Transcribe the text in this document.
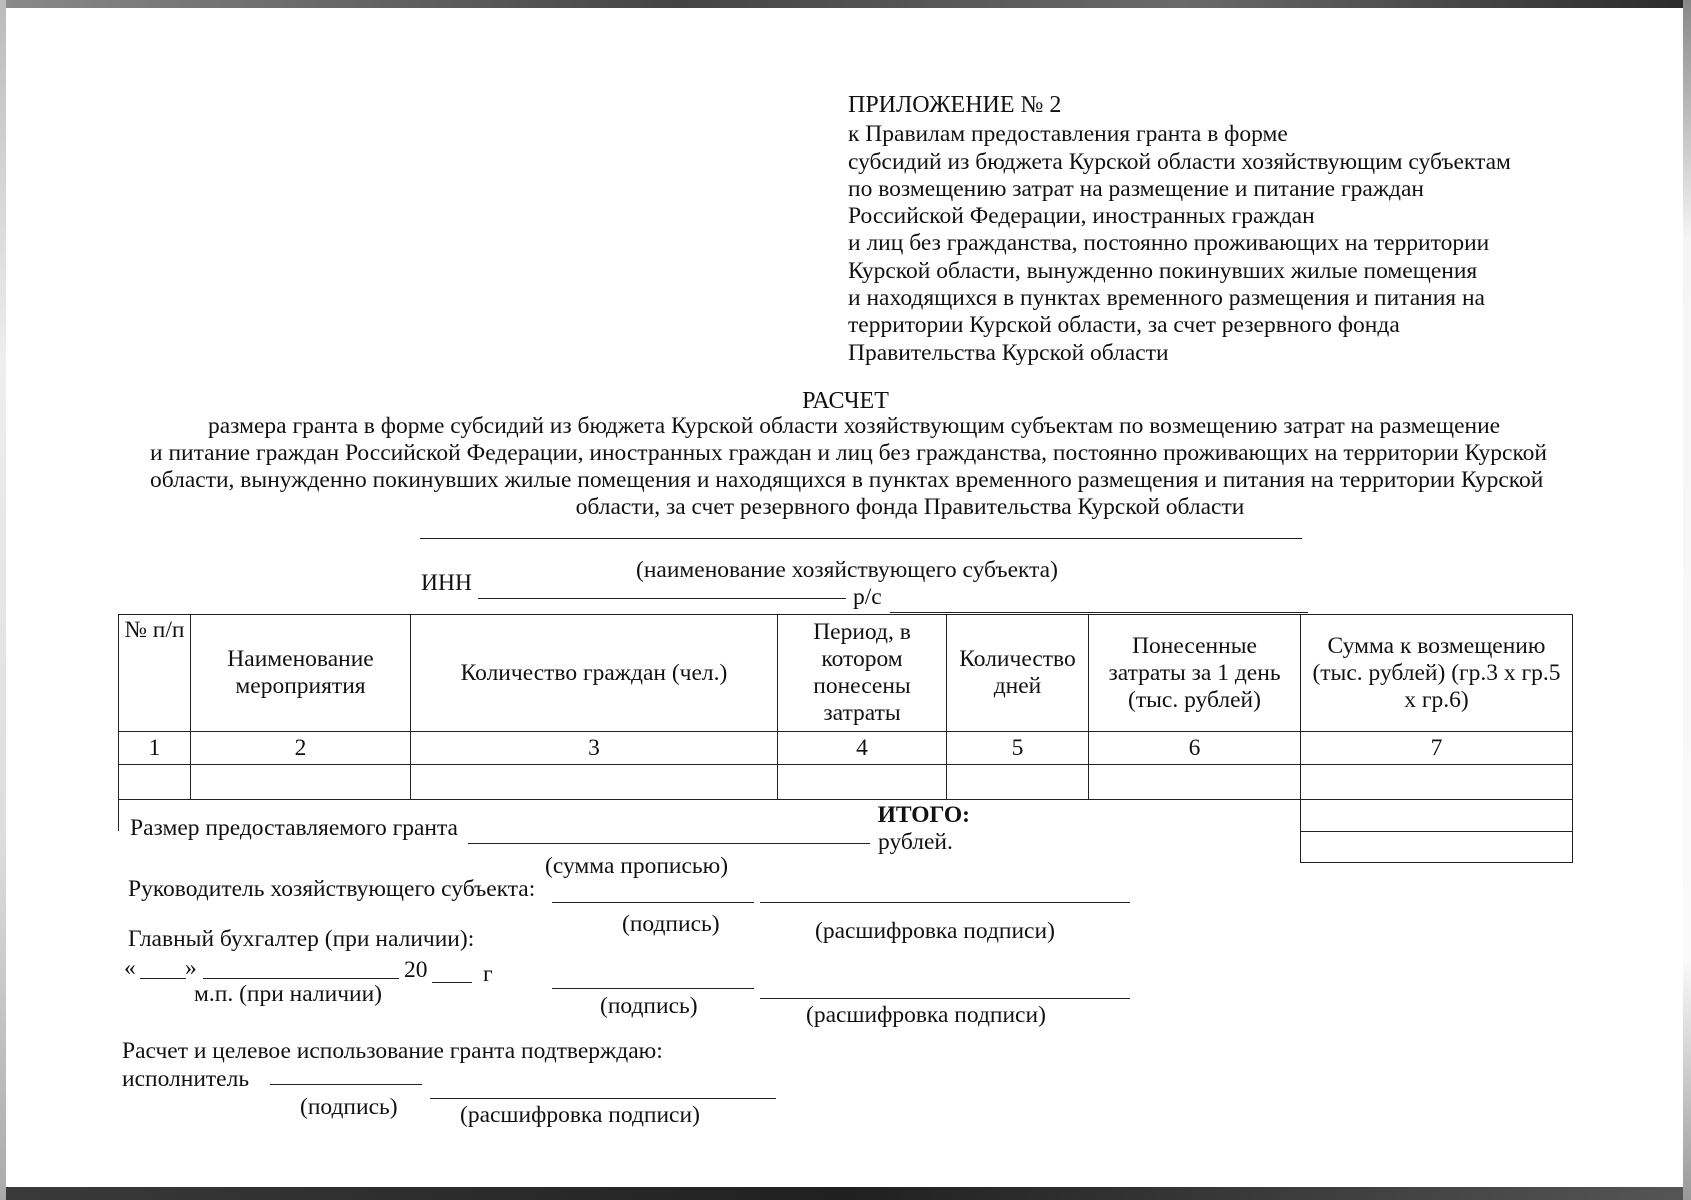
ПРИЛОЖЕНИЕ № 2
к Правилам предоставления гранта в форме
субсидий из бюджета Курской области хозяйствующим субъектам
по возмещению затрат на размещение и питание граждан
Российской Федерации, иностранных граждан
и лиц без гражданства, постоянно проживающих на территории
Курской области, вынужденно покинувших жилые помещения
и находящихся в пунктах временного размещения и питания на
территории Курской области, за счет резервного фонда
Правительства Курской области
РАСЧЕТ
размера гранта в форме субсидий из бюджета Курской области хозяйствующим субъектам по возмещению затрат на размещение
и питание граждан Российской Федерации, иностранных граждан и лиц без гражданства, постоянно проживающих на территории Курской
области, вынужденно покинувших жилые помещения и находящихся в пунктах временного размещения и питания на территории Курской
области, за счет резервного фонда Правительства Курской области
(наименование хозяйствующего субъекта)
ИНН
р/с
№ п/п	Наименование мероприятия	Количество граждан (чел.)	Период, в котором понесены затраты	Количество дней	Понесенные затраты за 1 день (тыс. рублей)	Сумма к возмещению (тыс. рублей) (гр.3 х гр.5 х гр.6)
1	2	3	4	5	6	7

ИТОГО:						

Размер предоставляемого гранта
рублей.
(сумма прописью)
Руководитель хозяйствующего субъекта:
(подпись)	(расшифровка подписи)
Главный бухгалтер (при наличии):
« »	20 г
м.п. (при наличии)	(подпись)	(расшифровка подписи)
Расчет и целевое использование гранта подтверждаю:
исполнитель
(подпись)	(расшифровка подписи)
